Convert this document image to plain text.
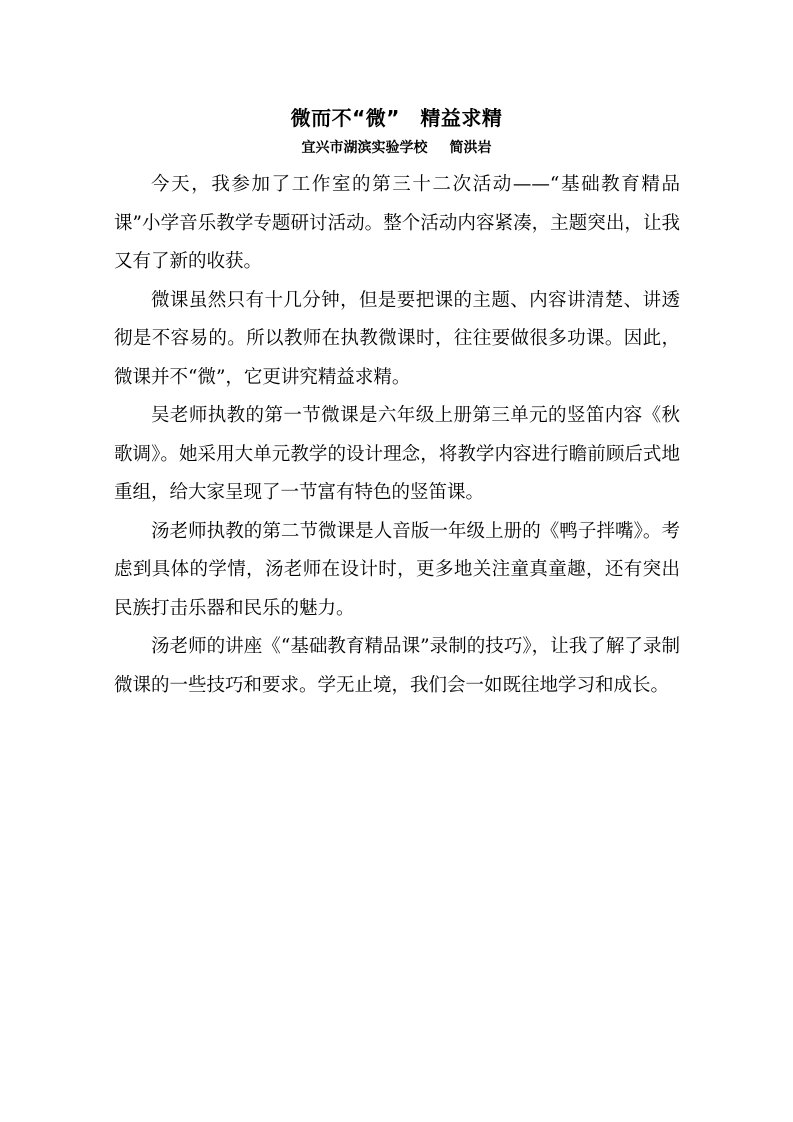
微而不“微”　精益求精
宜兴市湖滨实验学校 简洪岩

今天，我参加了工作室的第三十二次活动——“基础教育精品课”小学音乐教学专题研讨活动。整个活动内容紧凑，主题突出，让我又有了新的收获。

微课虽然只有十几分钟，但是要把课的主题、内容讲清楚、讲透彻是不容易的。所以教师在执教微课时，往往要做很多功课。因此，微课并不“微”，它更讲究精益求精。

吴老师执教的第一节微课是六年级上册第三单元的竖笛内容《秋歌调》。她采用大单元教学的设计理念，将教学内容进行瞻前顾后式地重组，给大家呈现了一节富有特色的竖笛课。

汤老师执教的第二节微课是人音版一年级上册的《鸭子拌嘴》。考虑到具体的学情，汤老师在设计时，更多地关注童真童趣，还有突出民族打击乐器和民乐的魅力。

汤老师的讲座《“基础教育精品课”录制的技巧》，让我了解了录制微课的一些技巧和要求。学无止境，我们会一如既往地学习和成长。
